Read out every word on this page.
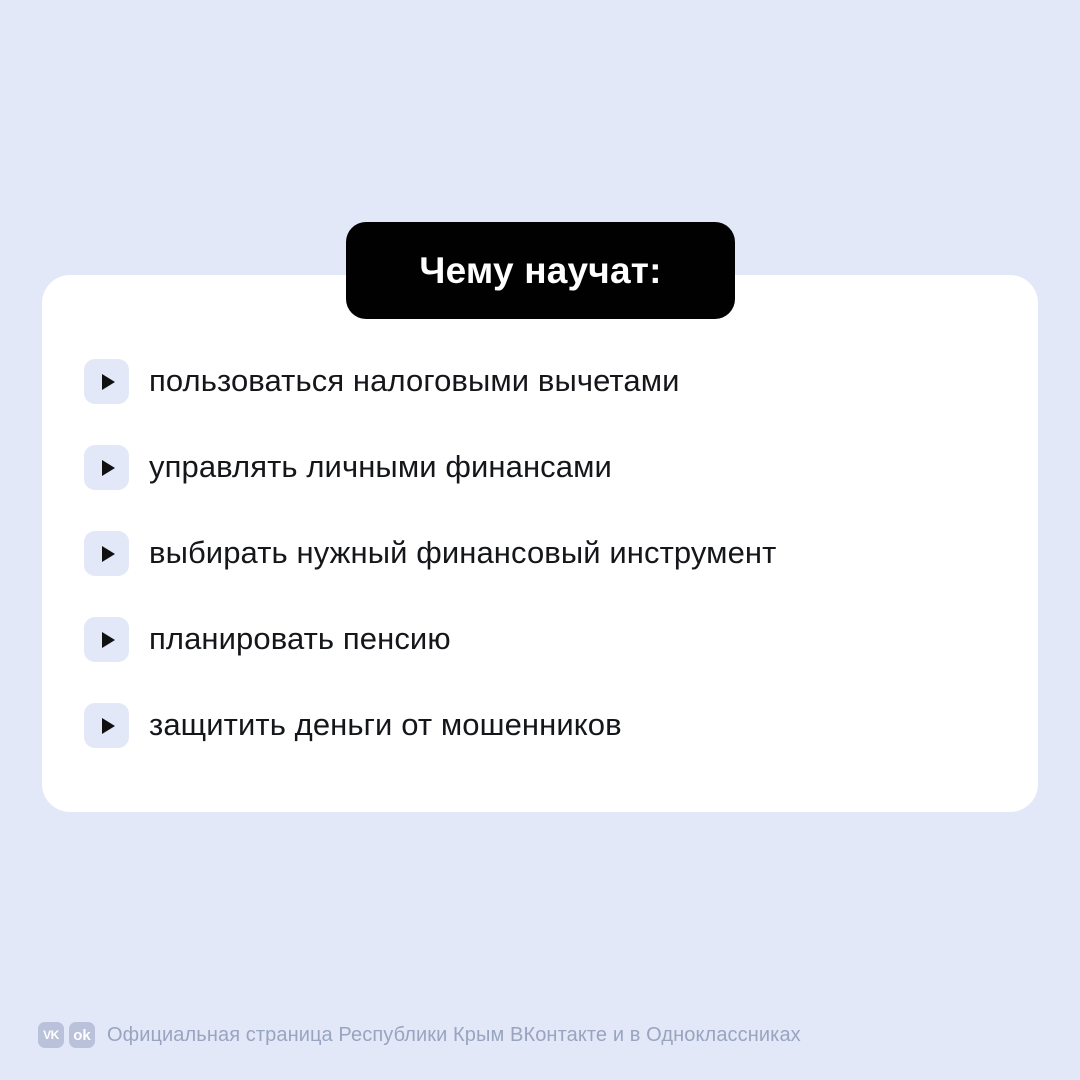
Чему научат:
пользоваться налоговыми вычетами
управлять личными финансами
выбирать нужный финансовый инструмент
планировать пенсию
защитить деньги от мошенников
VK ok Официальная страница Республики Крым ВКонтакте и в Одноклассниках
